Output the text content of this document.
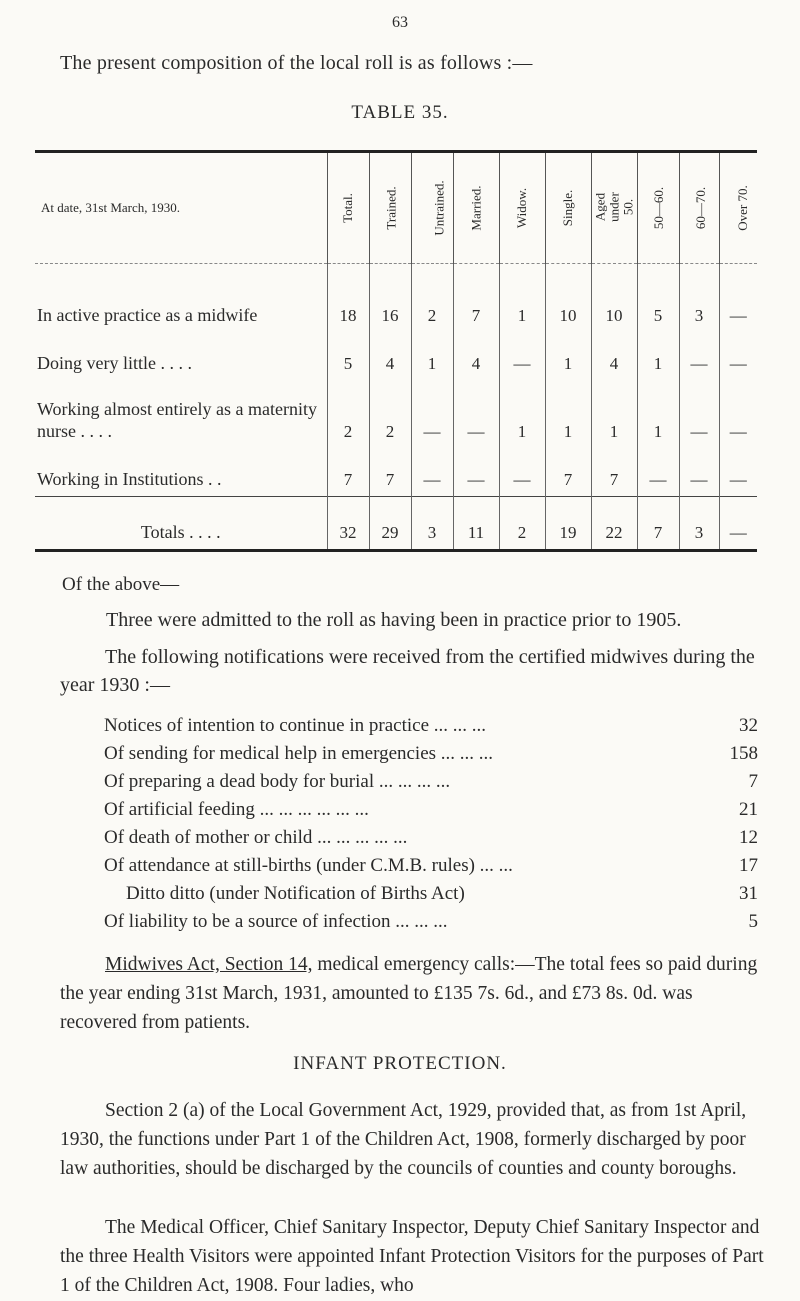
63
The present composition of the local roll is as follows :—
TABLE 35.
At date, 31st March, 1930.	Total.	Trained.	Untrained.	Married.	Widow.	Single.	Aged under 50.	50—60.	60—70.	Over 70.
In active practice as a midwife	18	16	2	7	1	10	10	5	3	—
Doing very little . . . .	5	4	1	4	—	1	4	1	—	—
Working almost entirely as a maternity nurse . . . .	2	2	—	—	1	1	1	1	—	—
Working in Institutions . .	7	7	—	—	—	7	7	—	—	—
Totals . . . .	32	29	3	11	2	19	22	7	3	—
Of the above—
Three were admitted to the roll as having been in practice prior to 1905.
The following notifications were received from the certified midwives during the year 1930 :—
Notices of intention to continue in practice ... ... ...	32
Of sending for medical help in emergencies ... ... ...	158
Of preparing a dead body for burial ... ... ... ...	7
Of artificial feeding ... ... ... ... ... ...	21
Of death of mother or child ... ... ... ... ...	12
Of attendance at still-births (under C.M.B. rules) ... ...	17
Ditto ditto (under Notification of Births Act)	31
Of liability to be a source of infection ... ... ...	5
Midwives Act, Section 14, medical emergency calls:—The total fees so paid during the year ending 31st March, 1931, amounted to £135 7s. 6d., and £73 8s. 0d. was recovered from patients.
INFANT PROTECTION.
Section 2 (a) of the Local Government Act, 1929, provided that, as from 1st April, 1930, the functions under Part 1 of the Children Act, 1908, formerly discharged by poor law authorities, should be discharged by the councils of counties and county boroughs.
The Medical Officer, Chief Sanitary Inspector, Deputy Chief Sanitary Inspector and the three Health Visitors were appointed Infant Protection Visitors for the purposes of Part 1 of the Children Act, 1908. Four ladies, who
